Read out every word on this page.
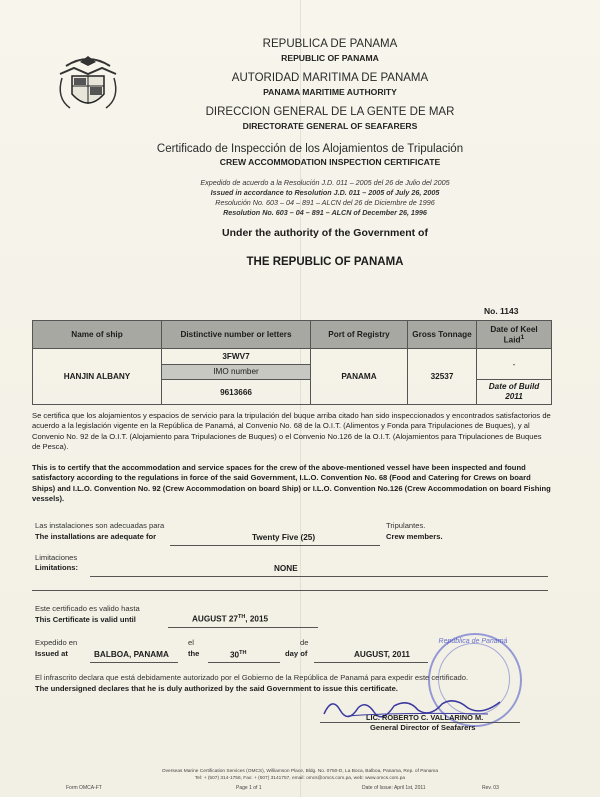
REPUBLICA DE PANAMA
REPUBLIC OF PANAMA
AUTORIDAD MARITIMA DE PANAMA
PANAMA MARITIME AUTHORITY
DIRECCION GENERAL DE LA GENTE DE MAR
DIRECTORATE GENERAL OF SEAFARERS
Certificado de Inspección de los Alojamientos de Tripulación
CREW ACCOMMODATION INSPECTION CERTIFICATE
Expedido de acuerdo a la Resolución J.D. 011 – 2005 del 26 de Julio del 2005
Issued in accordance to Resolution J.D. 011 – 2005 of July 26, 2005
Resolución No. 603 – 04 – 891 – ALCN del 26 de Diciembre de 1996
Resolution No. 603 – 04 – 891 – ALCN of December 26, 1996
Under the authority of the Government of
THE REPUBLIC OF PANAMA
No. 1143
Name of ship	Distinctive number or letters	Port of Registry	Gross Tonnage	Date of Keel Laid$^1$
HANJIN ALBANY	3FWV7	PANAMA	32537	-
	IMO number			
	9613666			Date of Build
2011
Se certifica que los alojamientos y espacios de servicio para la tripulación del buque arriba citado han sido inspeccionados y encontrados satisfactorios de acuerdo a la legislación vigente en la República de Panamá, al Convenio No. 68 de la O.I.T. (Alimentos y Fonda para Tripulaciones de Buques), y al Convenio No. 92 de la O.I.T. (Alojamiento para Tripulaciones de Buques) o el Convenio No.126 de la O.I.T. (Alojamientos para Tripulaciones de Buques de Pesca).
This is to certify that the accommodation and service spaces for the crew of the above-mentioned vessel have been inspected and found satisfactory according to the regulations in force of the said Government, I.L.O. Convention No. 68 (Food and Catering for Crews on board Ships) and I.L.O. Convention No. 92 (Crew Accommodation on board Ship) or I.L.O. Convention No.126 (Crew Accommodation on board Fishing vessels).
Las instalaciones son adecuadas para
The installations are adequate for	Twenty Five (25)
Tripulantes.
Crew members.
Limitaciones
Limitations:	NONE
Este certificado es valido hasta
This Certificate is valid until	AUGUST 27TH, 2015
Expedido en
Issued at	BALBOA, PANAMA
el
the	30TH
de
day of	AUGUST, 2011
El infrascrito declara que está debidamente autorizado por el Gobierno de la República de Panamá para expedir este certificado.
The undersigned declares that he is duly authorized by the said Government to issue this certificate.
República de Panamá
LIC. ROBERTO C. VALLARINO M.
General Director of Seafarers
Overseas Marine Certification Services (OMCS), Williamson Place, Bldg. No. 0750-D, La Boca, Balboa, Panama, Rep. of Panama
Tel: + (507) 314-1756, Fax: + (507) 3141757, email: omcs@omcs.com.pa, web: www.omcs.com.pa
Form OMCA-FT	Page 1 of 1	Date of Issue: April 1st, 2011	Rev. 03
